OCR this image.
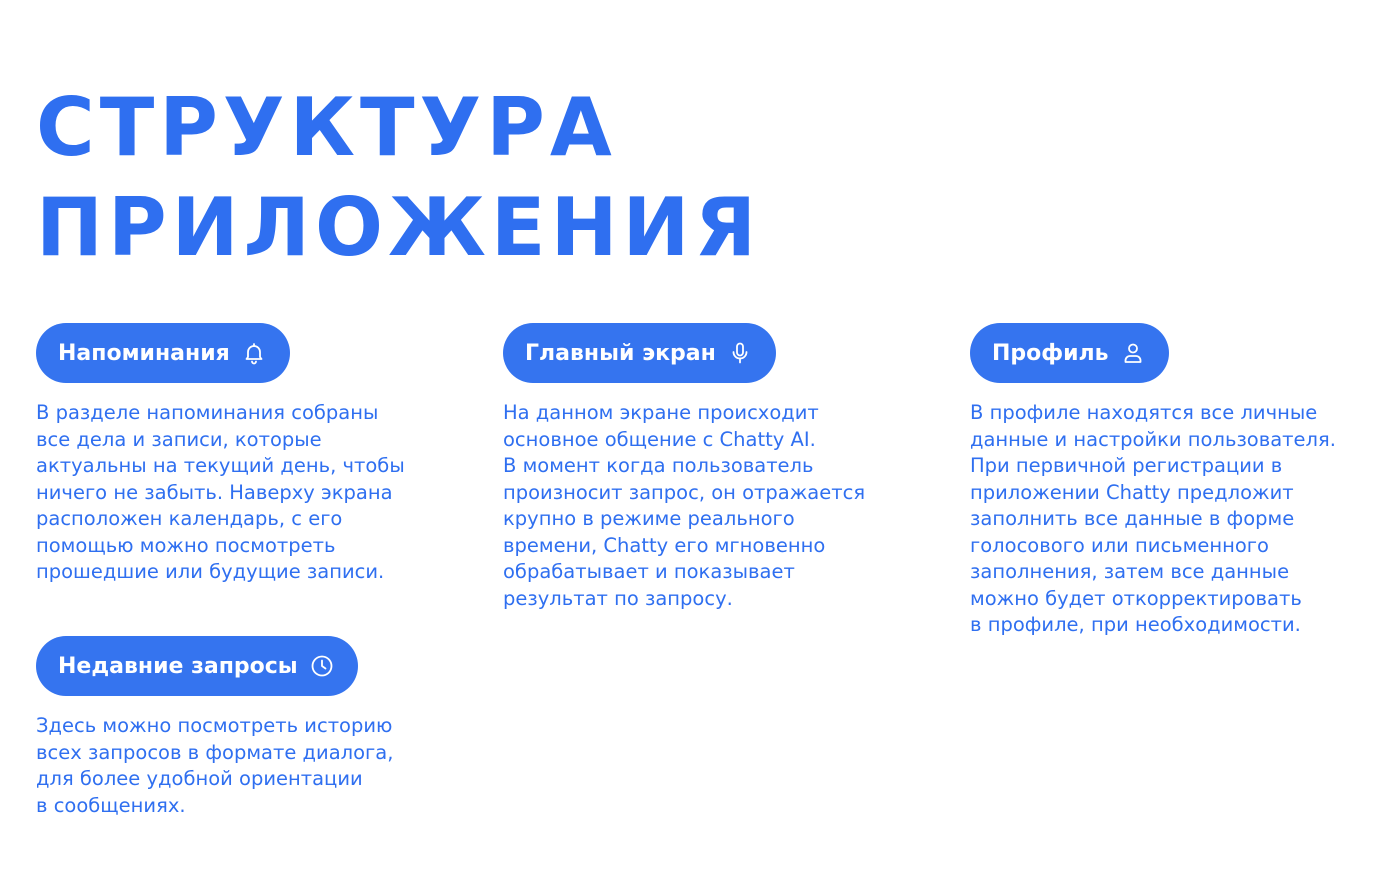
СТРУКТУРА
ПРИЛОЖЕНИЯ
Напоминания
В разделе напоминания собраны
все дела и записи, которые
актуальны на текущий день, чтобы
ничего не забыть. Наверху экрана
расположен календарь, с его
помощью можно посмотреть
прошедшие или будущие записи.
Главный экран
На данном экране происходит
основное общение с Chatty AI.
В момент когда пользователь
произносит запрос, он отражается
крупно в режиме реального
времени, Chatty его мгновенно
обрабатывает и показывает
результат по запросу.
Профиль
В профиле находятся все личные
данные и настройки пользователя.
При первичной регистрации в
приложении Chatty предложит
заполнить все данные в форме
голосового или письменного
заполнения, затем все данные
можно будет откорректировать
в профиле, при необходимости.
Недавние запросы
Здесь можно посмотреть историю
всех запросов в формате диалога,
для более удобной ориентации
в сообщениях.
